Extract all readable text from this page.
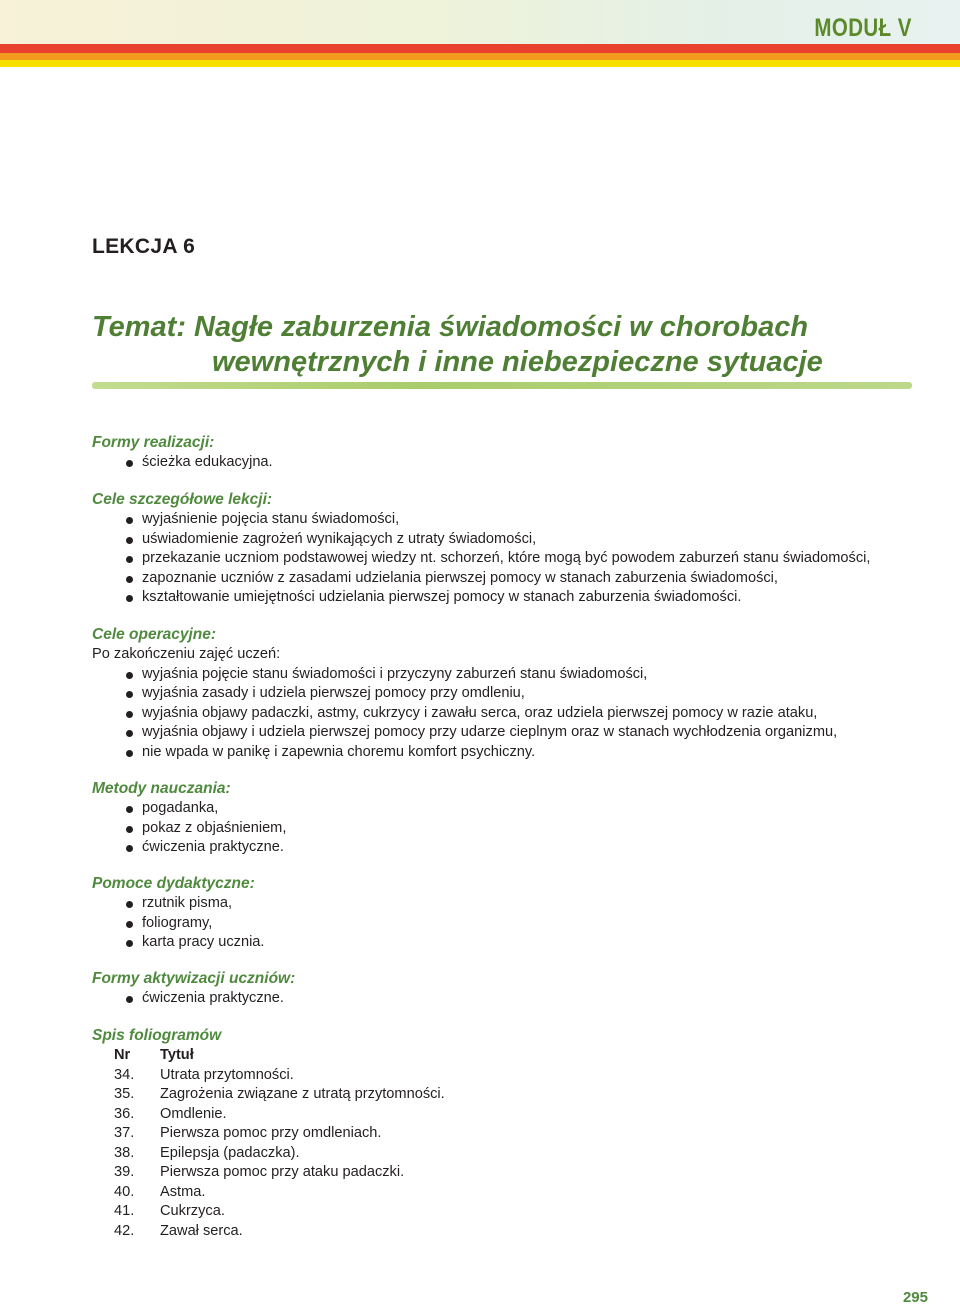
MODUŁ V
LEKCJA 6
Temat: Nagłe zaburzenia świadomości w chorobach
wewnętrznych i inne niebezpieczne sytuacje
Formy realizacji:
ścieżka edukacyjna.
Cele szczegółowe lekcji:
wyjaśnienie pojęcia stanu świadomości,
uświadomienie zagrożeń wynikających z utraty świadomości,
przekazanie uczniom podstawowej wiedzy nt. schorzeń, które mogą być powodem zaburzeń stanu świadomości,
zapoznanie uczniów z zasadami udzielania pierwszej pomocy w stanach zaburzenia świadomości,
kształtowanie umiejętności udzielania pierwszej pomocy w stanach zaburzenia świadomości.
Cele operacyjne:
Po zakończeniu zajęć uczeń:
wyjaśnia pojęcie stanu świadomości i przyczyny zaburzeń stanu świadomości,
wyjaśnia zasady i udziela pierwszej pomocy przy omdleniu,
wyjaśnia objawy padaczki, astmy, cukrzycy i zawału serca, oraz udziela pierwszej pomocy w razie ataku,
wyjaśnia objawy i udziela pierwszej pomocy przy udarze cieplnym oraz w stanach wychłodzenia organizmu,
nie wpada w panikę i zapewnia choremu komfort psychiczny.
Metody nauczania:
pogadanka,
pokaz z objaśnieniem,
ćwiczenia praktyczne.
Pomoce dydaktyczne:
rzutnik pisma,
foliogramy,
karta pracy ucznia.
Formy aktywizacji uczniów:
ćwiczenia praktyczne.
Spis foliogramów
Nr	Tytuł
34.	Utrata przytomności.
35.	Zagrożenia związane z utratą przytomności.
36.	Omdlenie.
37.	Pierwsza pomoc przy omdleniach.
38.	Epilepsja (padaczka).
39.	Pierwsza pomoc przy ataku padaczki.
40.	Astma.
41.	Cukrzyca.
42.	Zawał serca.
295
